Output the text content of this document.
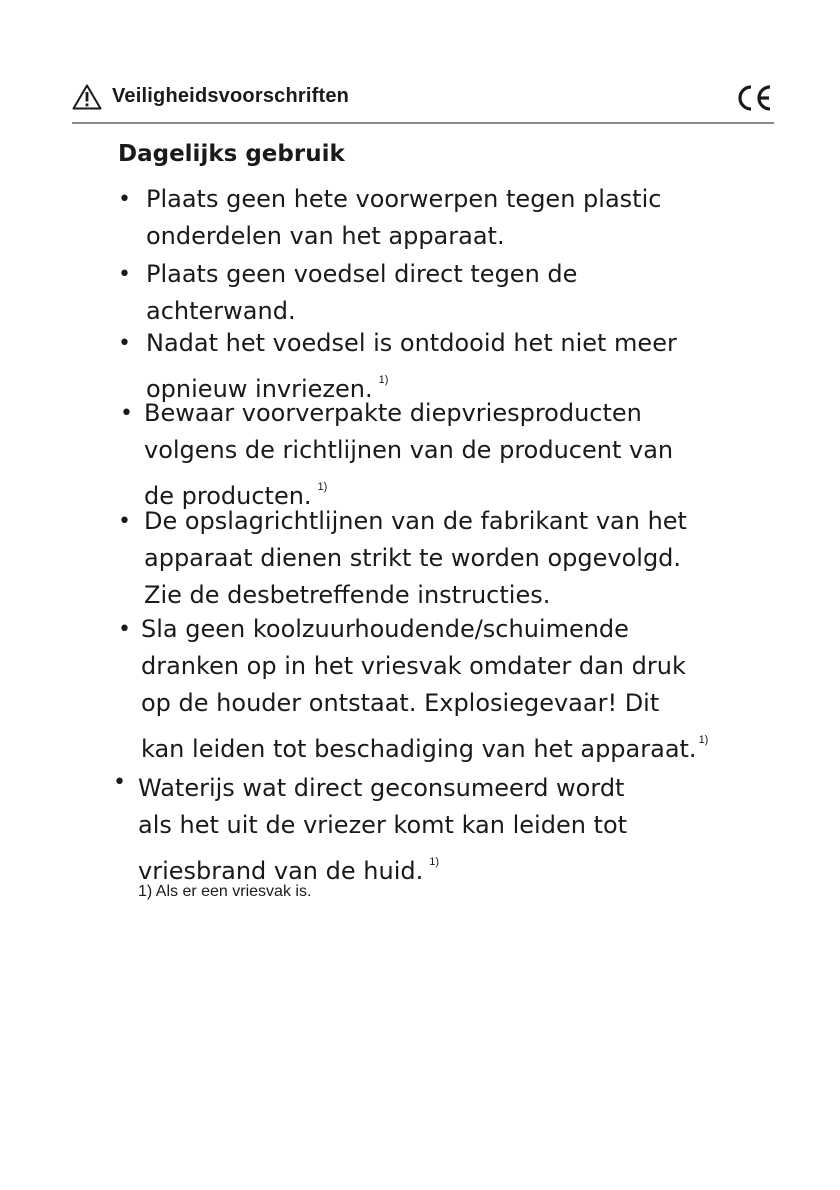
Veiligheidsvoorschriften
Dagelijks gebruik
• Plaats geen hete voorwerpen tegen plastic
onderdelen van het apparaat.
• Plaats geen voedsel direct tegen de
achterwand.
• Nadat het voedsel is ontdooid het niet meer
opnieuw invriezen. $^{1)}$
• Bewaar voorverpakte diepvriesproducten
volgens de richtlijnen van de producent van
de producten. $^{1)}$
• De opslagrichtlijnen van de fabrikant van het
apparaat dienen strikt te worden opgevolgd.
Zie de desbetreffende instructies.
• Sla geen koolzuurhoudende/schuimende
dranken op in het vriesvak omdater dan druk
op de houder ontstaat. Explosiegevaar! Dit
kan leiden tot beschadiging van het apparaat. $^{1)}$
• Waterijs wat direct geconsumeerd wordt
als het uit de vriezer komt kan leiden tot
vriesbrand van de huid. $^{1)}$
1) Als er een vriesvak is.
